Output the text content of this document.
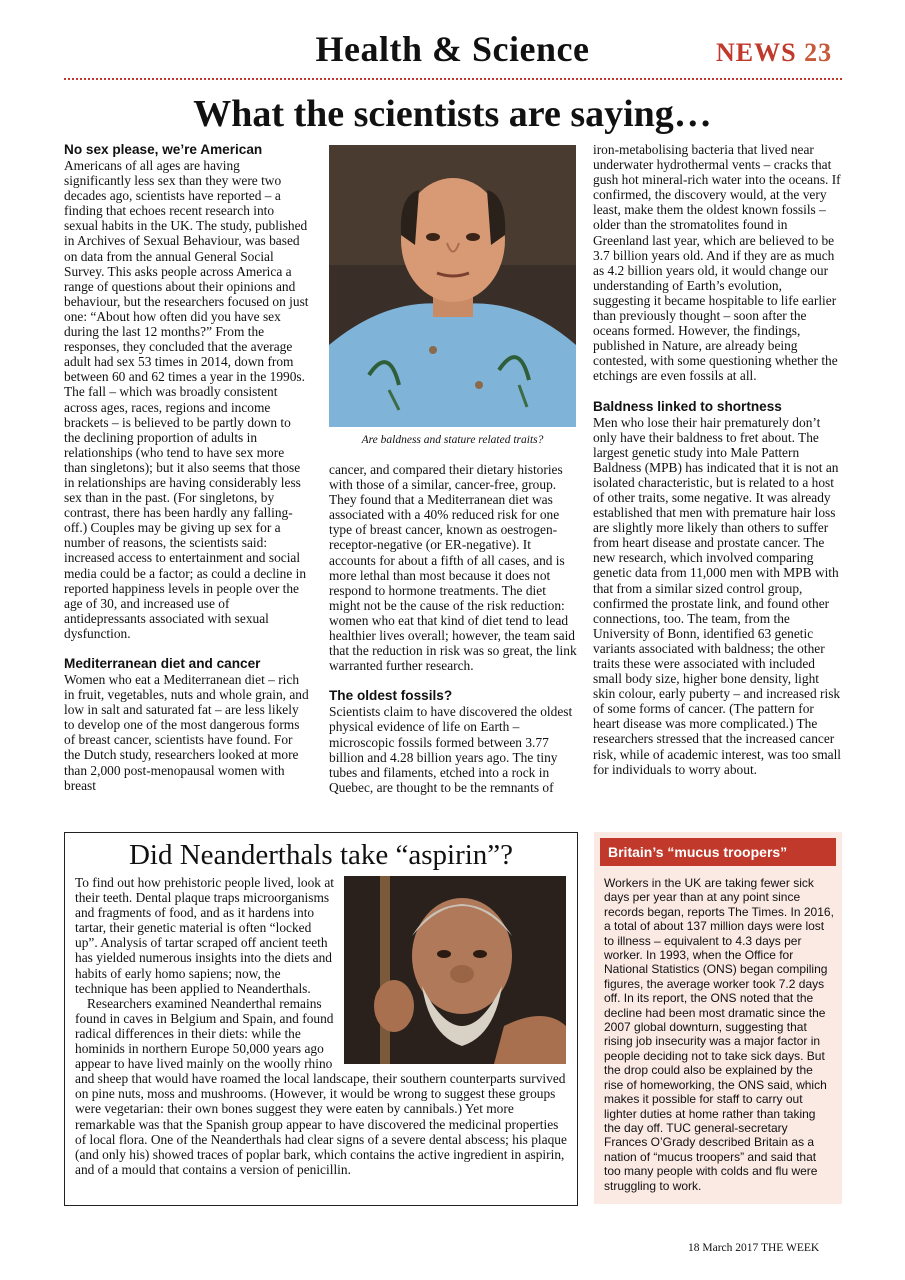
Health & Science	NEWS 23
What the scientists are saying…
No sex please, we’re American

Americans of all ages are having significantly less sex than they were two decades ago, scientists have reported – a finding that echoes recent research into sexual habits in the UK. The study, published in Archives of Sexual Behaviour, was based on data from the annual General Social Survey. This asks people across America a range of questions about their opinions and behaviour, but the researchers focused on just one: “About how often did you have sex during the last 12 months?” From the responses, they concluded that the average adult had sex 53 times in 2014, down from between 60 and 62 times a year in the 1990s. The fall – which was broadly consistent across ages, races, regions and income brackets – is believed to be partly down to the declining proportion of adults in relationships (who tend to have sex more than singletons); but it also seems that those in relationships are having considerably less sex than in the past. (For singletons, by contrast, there has been hardly any falling-off.) Couples may be giving up sex for a number of reasons, the scientists said: increased access to entertainment and social media could be a factor; as could a decline in reported happiness levels in people over the age of 30, and increased use of antidepressants associated with sexual dysfunction.

Mediterranean diet and cancer

Women who eat a Mediterranean diet – rich in fruit, vegetables, nuts and whole grain, and low in salt and saturated fat – are less likely to develop one of the most dangerous forms of breast cancer, scientists have found. For the Dutch study, researchers looked at more than 2,000 post-menopausal women with breast

Are baldness and stature related traits?

cancer, and compared their dietary histories with those of a similar, cancer-free, group. They found that a Mediterranean diet was associated with a 40% reduced risk for one type of breast cancer, known as oestrogen-receptor-negative (or ER-negative). It accounts for about a fifth of all cases, and is more lethal than most because it does not respond to hormone treatments. The diet might not be the cause of the risk reduction: women who eat that kind of diet tend to lead healthier lives overall; however, the team said that the reduction in risk was so great, the link warranted further research.

The oldest fossils?

Scientists claim to have discovered the oldest physical evidence of life on Earth – microscopic fossils formed between 3.77 billion and 4.28 billion years ago. The tiny tubes and filaments, etched into a rock in Quebec, are thought to be the remnants of

iron-metabolising bacteria that lived near underwater hydrothermal vents – cracks that gush hot mineral-rich water into the oceans. If confirmed, the discovery would, at the very least, make them the oldest known fossils – older than the stromatolites found in Greenland last year, which are believed to be 3.7 billion years old. And if they are as much as 4.2 billion years old, it would change our understanding of Earth’s evolution, suggesting it became hospitable to life earlier than previously thought – soon after the oceans formed. However, the findings, published in Nature, are already being contested, with some questioning whether the etchings are even fossils at all.

Baldness linked to shortness

Men who lose their hair prematurely don’t only have their baldness to fret about. The largest genetic study into Male Pattern Baldness (MPB) has indicated that it is not an isolated characteristic, but is related to a host of other traits, some negative. It was already established that men with premature hair loss are slightly more likely than others to suffer from heart disease and prostate cancer. The new research, which involved comparing genetic data from 11,000 men with MPB with that from a similar sized control group, confirmed the prostate link, and found other connections, too. The team, from the University of Bonn, identified 63 genetic variants associated with baldness; the other traits these were associated with included small body size, higher bone density, light skin colour, early puberty – and increased risk of some forms of cancer. (The pattern for heart disease was more complicated.) The researchers stressed that the increased cancer risk, while of academic interest, was too small for individuals to worry about.

Did Neanderthals take “aspirin”?

To find out how prehistoric people lived, look at their teeth. Dental plaque traps microorganisms and fragments of food, and as it hardens into tartar, their genetic material is often “locked up”. Analysis of tartar scraped off ancient teeth has yielded numerous insights into the diets and habits of early homo sapiens; now, the technique has been applied to Neanderthals.

Researchers examined Neanderthal remains found in caves in Belgium and Spain, and found radical differences in their diets: while the hominids in northern Europe 50,000 years ago appear to have lived mainly on the woolly rhino and sheep that would have roamed the local landscape, their southern counterparts survived on pine nuts, moss and mushrooms. (However, it would be wrong to suggest these groups were vegetarian: their own bones suggest they were eaten by cannibals.) Yet more remarkable was that the Spanish group appear to have discovered the medicinal properties of local flora. One of the Neanderthals had clear signs of a severe dental abscess; his plaque (and only his) showed traces of poplar bark, which contains the active ingredient in aspirin, and of a mould that contains a version of penicillin.

Britain’s “mucus troopers”
Workers in the UK are taking fewer sick days per year than at any point since records began, reports The Times. In 2016, a total of about 137 million days were lost to illness – equivalent to 4.3 days per worker. In 1993, when the Office for National Statistics (ONS) began compiling figures, the average worker took 7.2 days off. In its report, the ONS noted that the decline had been most dramatic since the 2007 global downturn, suggesting that rising job insecurity was a major factor in people deciding not to take sick days. But the drop could also be explained by the rise of homeworking, the ONS said, which makes it possible for staff to carry out lighter duties at home rather than taking the day off. TUC general-secretary Frances O’Grady described Britain as a nation of “mucus troopers” and said that too many people with colds and flu were struggling to work.
18 March 2017 THE WEEK
